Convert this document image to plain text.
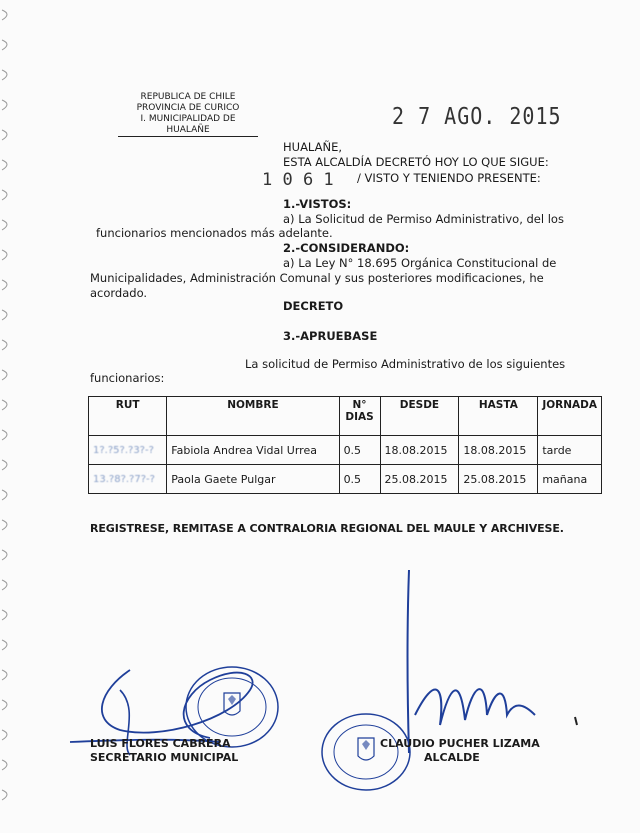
REPUBLICA DE CHILE
PROVINCIA DE CURICO
I. MUNICIPALIDAD DE HUALAÑE
2 7 AGO. 2015
HUALAÑE,
ESTA ALCALDÍA DECRETÓ HOY LO QUE SIGUE:
1 0 6 1 / VISTO Y TENIENDO PRESENTE:
1.-VISTOS:
a) La Solicitud de Permiso Administrativo, del los
funcionarios mencionados más adelante.
2.-CONSIDERANDO:
a) La Ley N° 18.695 Orgánica Constitucional de
Municipalidades, Administración Comunal y sus posteriores modificaciones, he
acordado.
DECRETO
3.-APRUEBASE
La solicitud de Permiso Administrativo de los siguientes
funcionarios:
RUT	NOMBRE	N° DIAS	DESDE	HASTA	JORNADA
1?.?5?.?3?-?	Fabiola Andrea Vidal Urrea	0.5	18.08.2015	18.08.2015	tarde
13.?8?.?7?-?	Paola Gaete Pulgar	0.5	25.08.2015	25.08.2015	mañana
REGISTRESE, REMITASE A CONTRALORIA REGIONAL DEL MAULE Y ARCHIVESE.
LUIS FLORES CABRERA
SECRETARIO MUNICIPAL
CLAUDIO PUCHER LIZAMA
ALCALDE
